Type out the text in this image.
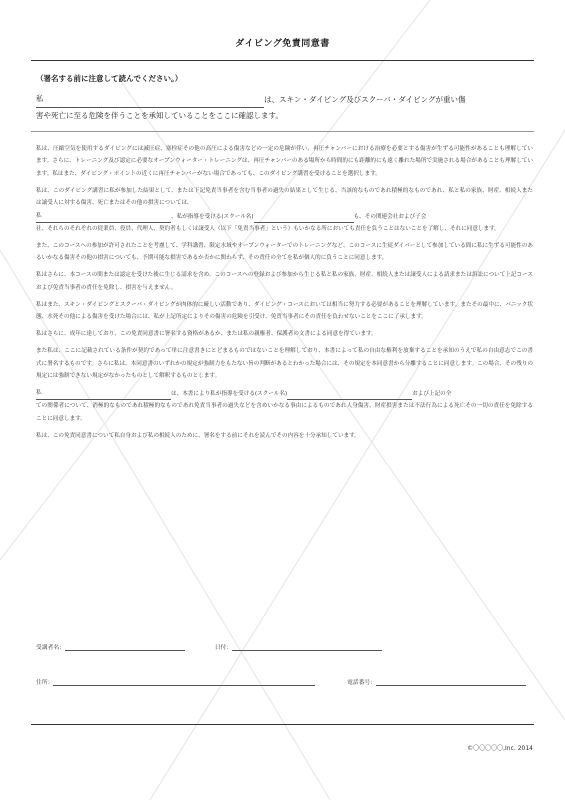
ダイビング免責同意書
（署名する前に注意して読んでください。）
私	は、スキン・ダイビング及びスクーバ・ダイビングが重い傷
害や死亡に至る危険を伴うことを承知していることをここに確認します。

私は、圧縮空気を使用するダイビングには減圧症、塞栓症その他の高圧による傷害などの一定の危険が伴い、再圧チャンバーにおける治療を必要とする傷害が生ずる可能性があることも理解しています。さらに、トレーニング及び認定に必要なオープンウォーター・トレーニングは、再圧チャンバーのある場所から時間的にも距離的にも遠く離れた場所で実施される場合があることも理解しています。私はまた、ダイビング・ポイントの近くに再圧チャンバーがない場合であっても、このダイビング講習を受けることを選択します。

私は、このダイビング講習に私が参加した結果として、または下記免責当事者を含む当事者の過失の結果として生じる、当該的なものであれ積極的なものであれ、私と私の家族、財産、相続人または譲受人に対する傷害、死亡またはその他の損害については、

私	、私が指導を受ける(スクール名)	も、その関連会社および子会

社、それらのそれぞれの従業員、役員、代理人、契約者もしくは譲受人（以下「免責当事者」という）もいかなる所においても責任を負うことはないことを了解し、それに同意します。

また、このコースへの参加が許可されたことを考慮して、学科講習、限定水域やオープンウォーターでのトレーニングなど、このコースに生徒ダイバーとして参加している間に私に生ずる可能性のあるいかなる傷害その他の損害についても、予期可能な損害であるか否かに関わらず、その責任の全てを私が個人的に負うことに同意します。

私はさらに、本コースの間または認定を受けた後に生じる請求を含め、このコースへの登録および参加から生じる私と私の家族、財産、相続人または譲受人による請求または訴訟について上記コースおよび免責当事者の責任を免除し、損害を与えません。

私はまた、スキン・ダイビングとスクーバ・ダイビングが肉体的に厳しい活動であり、ダイビング・コースにおいては相当に努力する必要があることを理解しています。またその最中に、パニック状態、水死その他による傷害を受けた場合には、私が上記所定によりその傷害の危険を引受け、免責当事者にその責任を負わせないことをここに了承します。

私はさらに、成年に達しており、この免責同意書に署名する資格があるか、または私の親権者、保護者の文書による同意を得ています。

また私は、ここに記載されている条件が契約であって単に注意書きにとどまるものではないことを理解しており、本書によって私の自由な権利を放棄することを承知のうえで私の自由意志でこの書式に署名するものです。さらに私は、本同意書のいずれかの規定が強制力をもたない旨の判断があるとわかった場合には、その規定を本同意書から分離することに同意します。この場合、その残りの規定には強制できない規定がなかったものとして解釈するものとします。

私	は、本書により私が指導を受ける(スクール名)	および上記の全

ての関係者について、消極的なものであれ積極的なものであれ免責当事者の過失などを含めいかなる事由によるものであれ人身傷害、財産損害または不法行為による死亡その一切の責任を免除することに同意します。

私は、この免責同意書について私自身および私の相続人のために、署名をする前にそれを読んでその内容を十分承知しています。

受講者名：	日付：
住所：	電話番号：
©〇〇〇〇〇,Inc. 2014
